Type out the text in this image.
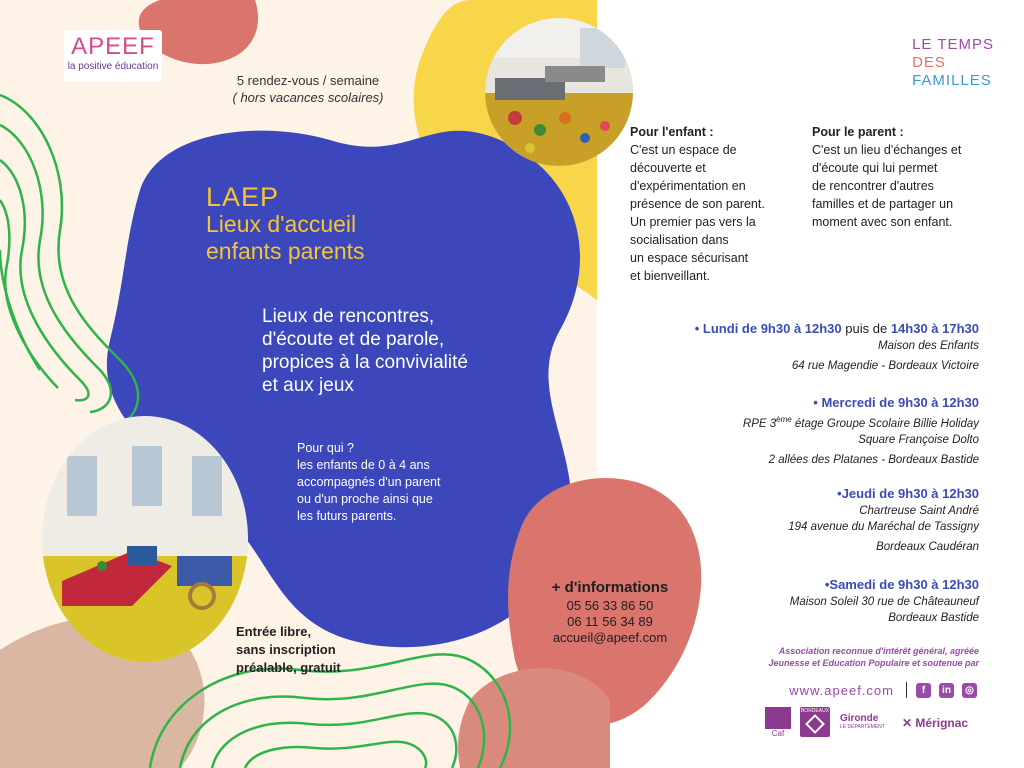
APEEF
la positive éducation
5 rendez-vous / semaine
( hors vacances scolaires)
LE TEMPS
DES
FAMILLES
LAEP
Lieux d'accueil
enfants parents
Lieux de rencontres,
d'écoute et de parole,
propices à la convivialité
et aux jeux
Pour qui ?
les enfants de 0 à 4 ans
accompagnés d'un parent
ou d'un proche ainsi que
les futurs parents.
Entrée libre,
sans inscription
préalable, gratuit
+ d'informations
05 56 33 86 50
06 11 56 34 89
accueil@apeef.com
Pour l'enfant :
C'est un espace de
découverte et
d'expérimentation en
présence de son parent.
Un premier pas vers la
socialisation dans
un espace sécurisant
et bienveillant.
Pour le parent :
C'est un lieu d'échanges et
d'écoute qui lui permet
de rencontrer d'autres
familles et de partager un
moment avec son enfant.
• Lundi de 9h30 à 12h30 puis de 14h30 à 17h30
Maison des Enfants
64 rue Magendie - Bordeaux Victoire
• Mercredi de 9h30 à 12h30
RPE 3ème étage Groupe Scolaire Billie Holiday
Square Françoise Dolto
2 allées des Platanes - Bordeaux Bastide
•Jeudi de 9h30 à 12h30
Chartreuse Saint André
194 avenue du Maréchal de Tassigny
Bordeaux Caudéran
•Samedi de 9h30 à 12h30
Maison Soleil 30 rue de Châteauneuf
Bordeaux Bastide
Association reconnue d'intérêt général, agréée Jeunesse et Education Populaire et soutenue par
www.apeef.com	f	in	◎
Caf
BORDEAUX
Gironde
LE DÉPARTEMENT	✕ Mérignac
